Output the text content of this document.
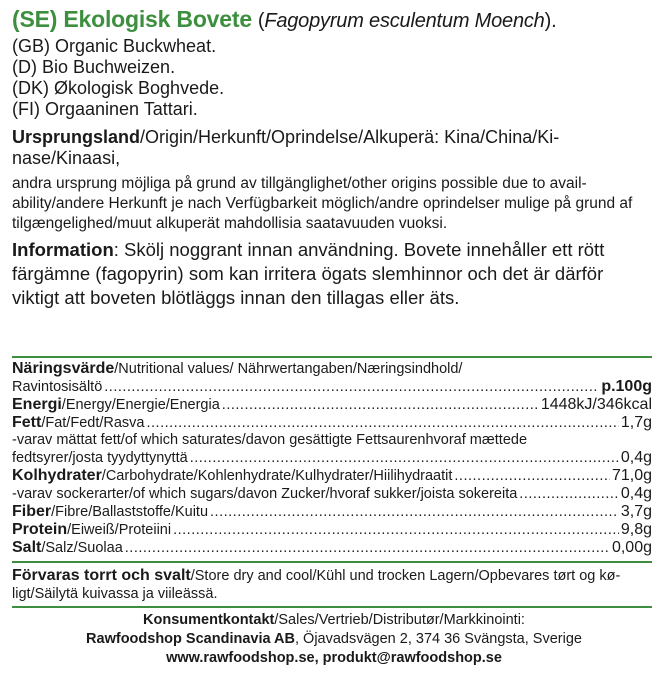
(SE) Ekologisk Bovete (Fagopyrum esculentum Moench).
(GB) Organic Buckwheat.
(D) Bio Buchweizen.
(DK) Økologisk Boghvede.
(FI) Orgaaninen Tattari.
Ursprungsland/Origin/Herkunft/Oprindelse/Alkuperä: Kina/China/Ki-nase/Kinaasi,
andra ursprung möjliga på grund av tillgänglighet/other origins possible due to avail-ability/andere Herkunft je nach Verfügbarkeit möglich/andre oprindelser mulige på grund af tilgængelighed/muut alkuperät mahdollisia saatavuuden vuoksi.
Information: Skölj noggrant innan användning. Bovete innehåller ett rött färgämne (fagopyrin) som kan irritera ögats slemhinnor och det är därför viktigt att boveten blötläggs innan den tillagas eller äts.
Näringsvärde/Nutritional values/ Nährwertangaben/Næringsindhold/
Ravintosisältö .....	p.100g
Energi/Energy/Energie/Energia .....	1448kJ/346kcal
Fett/Fat/Fedt/Rasva .....	1,7g
-varav mättat fett/of which saturates/davon gesättigte Fettsaurenhvoraf mættede
fedtsyrer/josta tyydyttynyttä .....	0,4g
Kolhydrater/Carbohydrate/Kohlenhydrate/Kulhydrater/Hiilihydraatit .....	71,0g
-varav sockerarter/of which sugars/davon Zucker/hvoraf sukker/joista sokereita .....	0,4g
Fiber/Fibre/Ballaststoffe/Kuitu .....	3,7g
Protein/Eiweiß/Proteiini .....	9,8g
Salt/Salz/Suolaa .....	0,00g
Förvaras torrt och svalt/Store dry and cool/Kühl und trocken Lagern/Opbevares tørt og kø-ligt/Säilytä kuivassa ja viileässä.
Konsumentkontakt/Sales/Vertrieb/Distributør/Markkinointi:
Rawfoodshop Scandinavia AB, Öjavadsvägen 2, 374 36 Svängsta, Sverige
www.rawfoodshop.se, produkt@rawfoodshop.se
